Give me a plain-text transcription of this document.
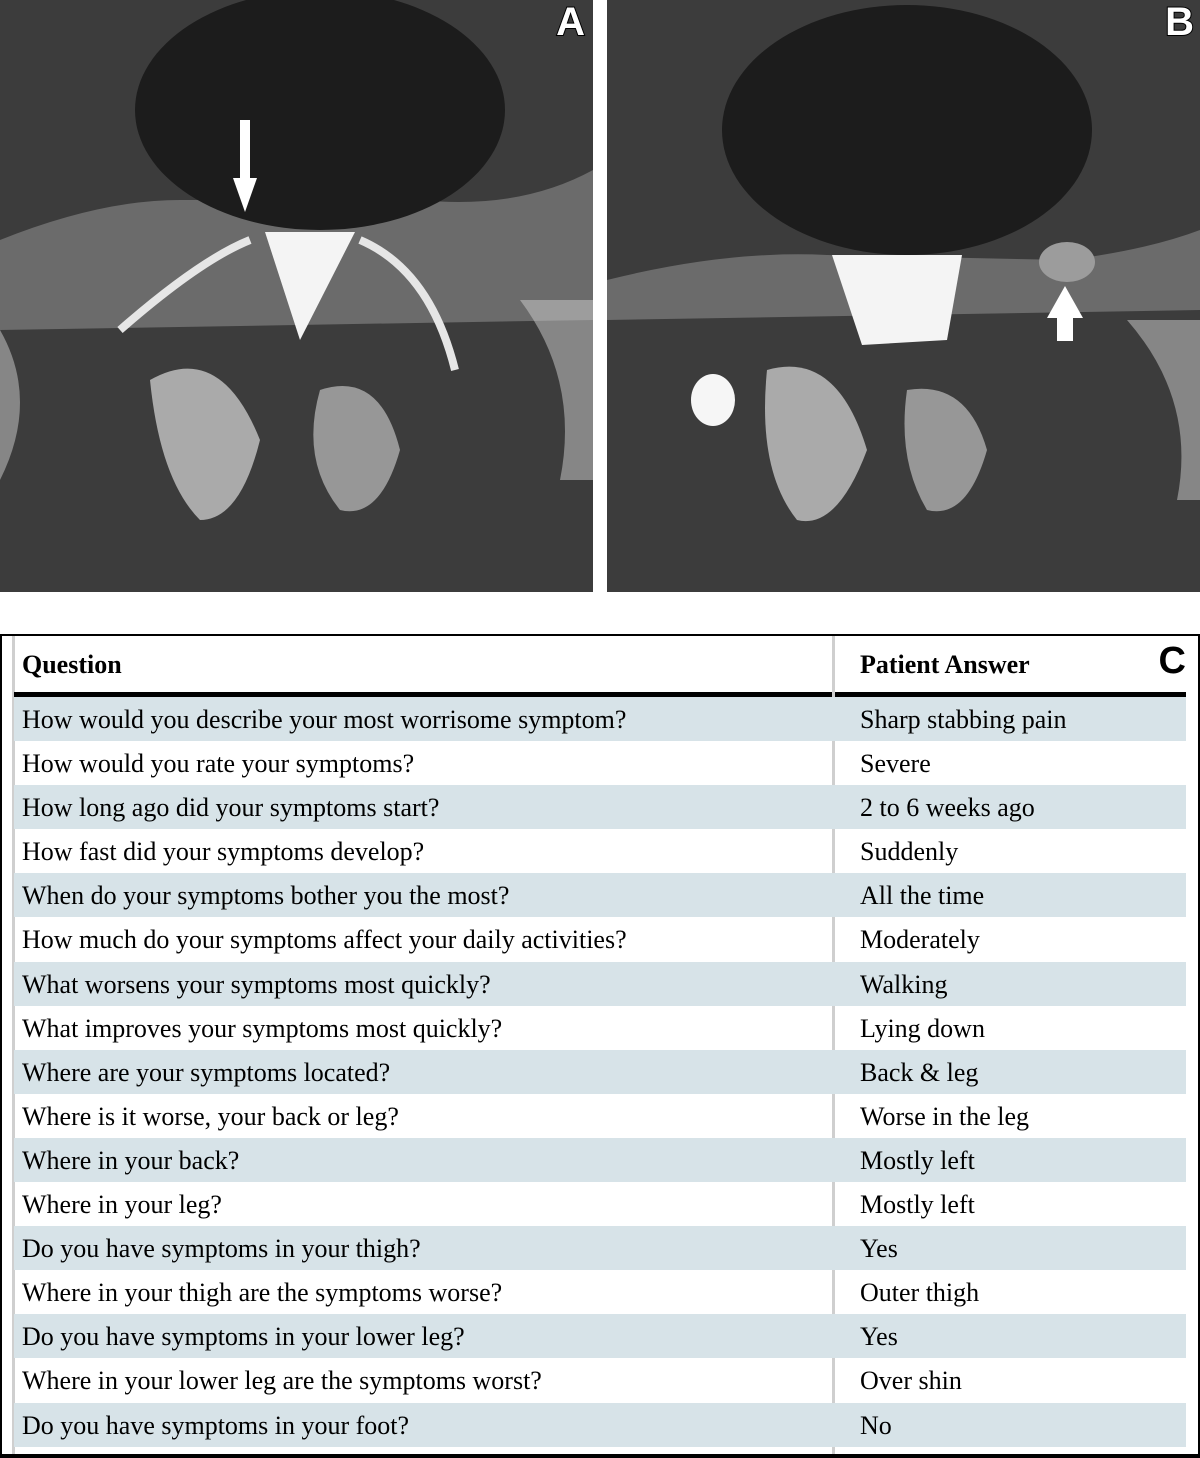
A	B
Question	Patient Answer
How would you describe your most worrisome symptom?	Sharp stabbing pain
How would you rate your symptoms?	Severe
How long ago did your symptoms start?	2 to 6 weeks ago
How fast did your symptoms develop?	Suddenly
When do your symptoms bother you the most?	All the time
How much do your symptoms affect your daily activities?	Moderately
What worsens your symptoms most quickly?	Walking
What improves your symptoms most quickly?	Lying down
Where are your symptoms located?	Back & leg
Where is it worse, your back or leg?	Worse in the leg
Where in your back?	Mostly left
Where in your leg?	Mostly left
Do you have symptoms in your thigh?	Yes
Where in your thigh are the symptoms worse?	Outer thigh
Do you have symptoms in your lower leg?	Yes
Where in your lower leg are the symptoms worst?	Over shin
Do you have symptoms in your foot?	No
C
